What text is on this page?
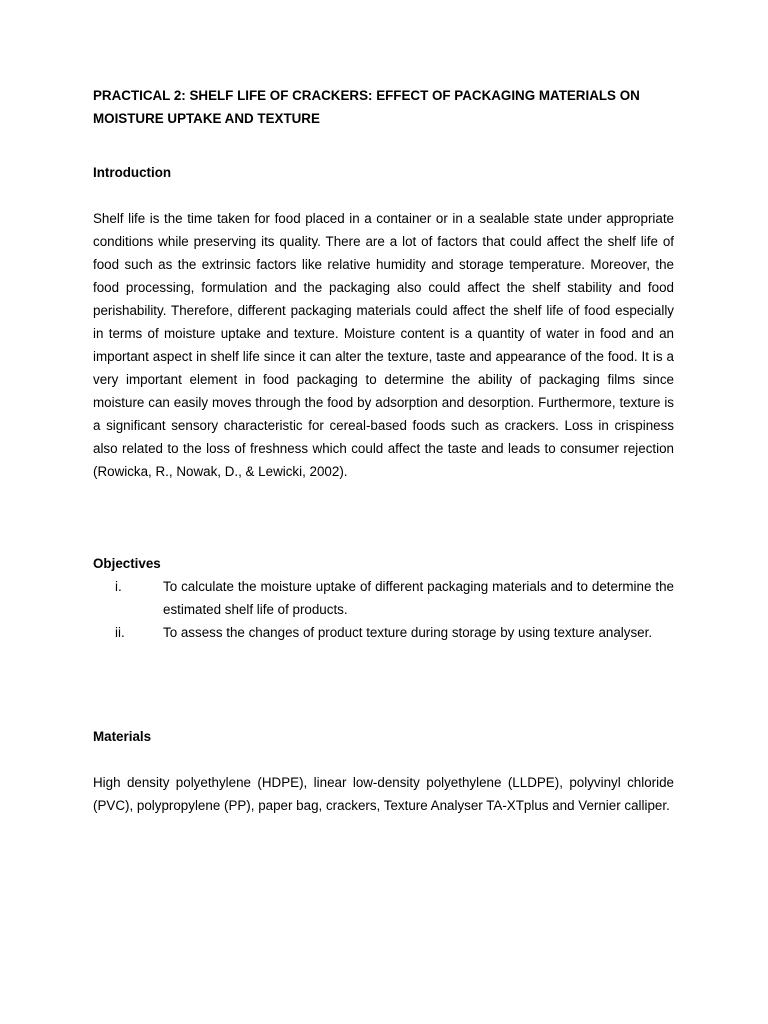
PRACTICAL 2: SHELF LIFE OF CRACKERS: EFFECT OF PACKAGING MATERIALS ON MOISTURE UPTAKE AND TEXTURE
Introduction

Shelf life is the time taken for food placed in a container or in a sealable state under appropriate conditions while preserving its quality. There are a lot of factors that could affect the shelf life of food such as the extrinsic factors like relative humidity and storage temperature. Moreover, the food processing, formulation and the packaging also could affect the shelf stability and food perishability. Therefore, different packaging materials could affect the shelf life of food especially in terms of moisture uptake and texture. Moisture content is a quantity of water in food and an important aspect in shelf life since it can alter the texture, taste and appearance of the food. It is a very important element in food packaging to determine the ability of packaging films since moisture can easily moves through the food by adsorption and desorption. Furthermore, texture is a significant sensory characteristic for cereal-based foods such as crackers. Loss in crispiness also related to the loss of freshness which could affect the taste and leads to consumer rejection (Rowicka, R., Nowak, D., & Lewicki, 2002).

Objectives
i.	To calculate the moisture uptake of different packaging materials and to determine the estimated shelf life of products.
ii.	To assess the changes of product texture during storage by using texture analyser.
Materials

High density polyethylene (HDPE), linear low-density polyethylene (LLDPE), polyvinyl chloride (PVC), polypropylene (PP), paper bag, crackers, Texture Analyser TA-XTplus and Vernier calliper.
